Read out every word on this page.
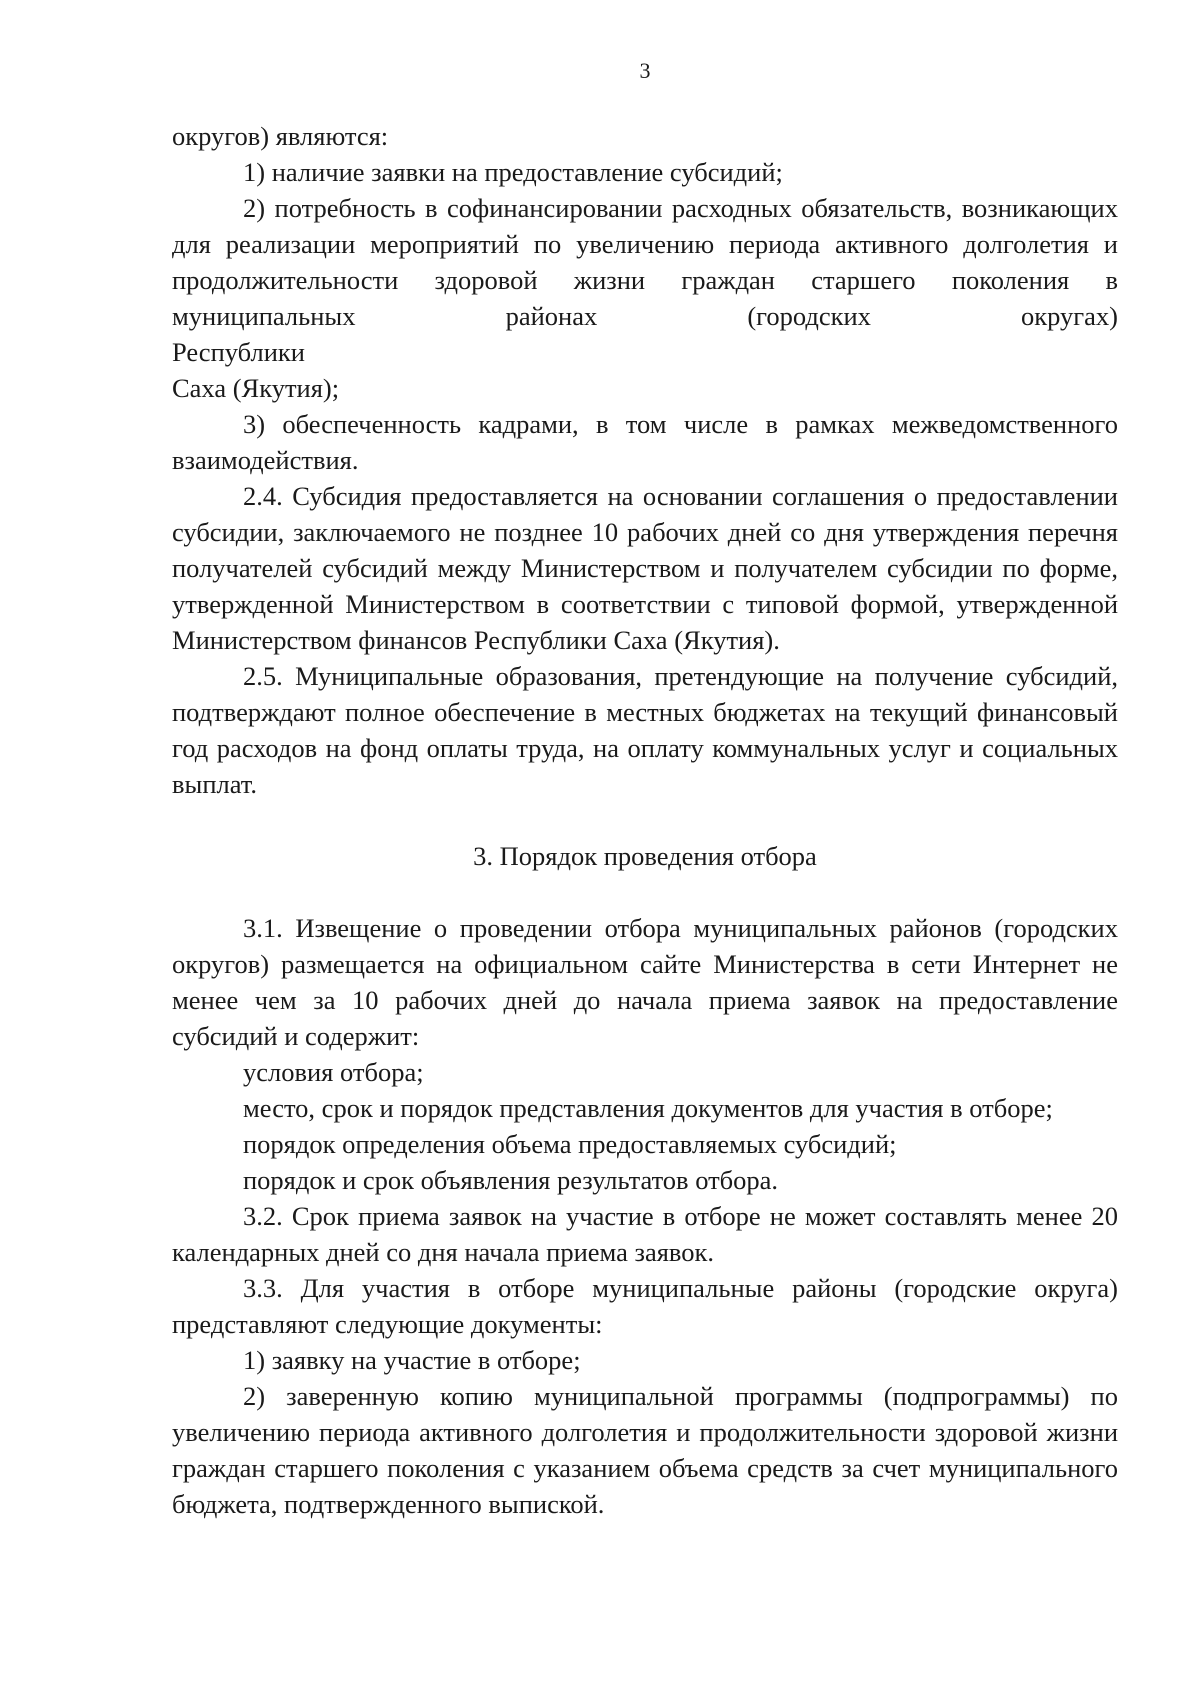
3

округов) являются:

1) наличие заявки на предоставление субсидий;

2) потребность в софинансировании расходных обязательств, возникающих для реализации мероприятий по увеличению периода активного долголетия и продолжительности здоровой жизни граждан старшего поколения в муниципальных районах (городских округах)

Республики

Саха (Якутия);

3) обеспеченность кадрами, в том числе в рамках межведомственного взаимодействия.

2.4. Субсидия предоставляется на основании соглашения о предоставлении субсидии, заключаемого не позднее 10 рабочих дней со дня утверждения перечня получателей субсидий между Министерством и получателем субсидии по форме, утвержденной Министерством в соответствии с типовой формой, утвержденной Министерством финансов Республики Саха (Якутия).

2.5. Муниципальные образования, претендующие на получение субсидий, подтверждают полное обеспечение в местных бюджетах на текущий финансовый год расходов на фонд оплаты труда, на оплату коммунальных услуг и социальных выплат.

3. Порядок проведения отбора

3.1. Извещение о проведении отбора муниципальных районов (городских округов) размещается на официальном сайте Министерства в сети Интернет не менее чем за 10 рабочих дней до начала приема заявок на предоставление субсидий и содержит:

условия отбора;

место, срок и порядок представления документов для участия в отборе;

порядок определения объема предоставляемых субсидий;

порядок и срок объявления результатов отбора.

3.2. Срок приема заявок на участие в отборе не может составлять менее 20 календарных дней со дня начала приема заявок.

3.3. Для участия в отборе муниципальные районы (городские округа) представляют следующие документы:

1) заявку на участие в отборе;

2) заверенную копию муниципальной программы (подпрограммы) по увеличению периода активного долголетия и продолжительности здоровой жизни граждан старшего поколения с указанием объема средств за счет муниципального бюджета, подтвержденного выпиской.
